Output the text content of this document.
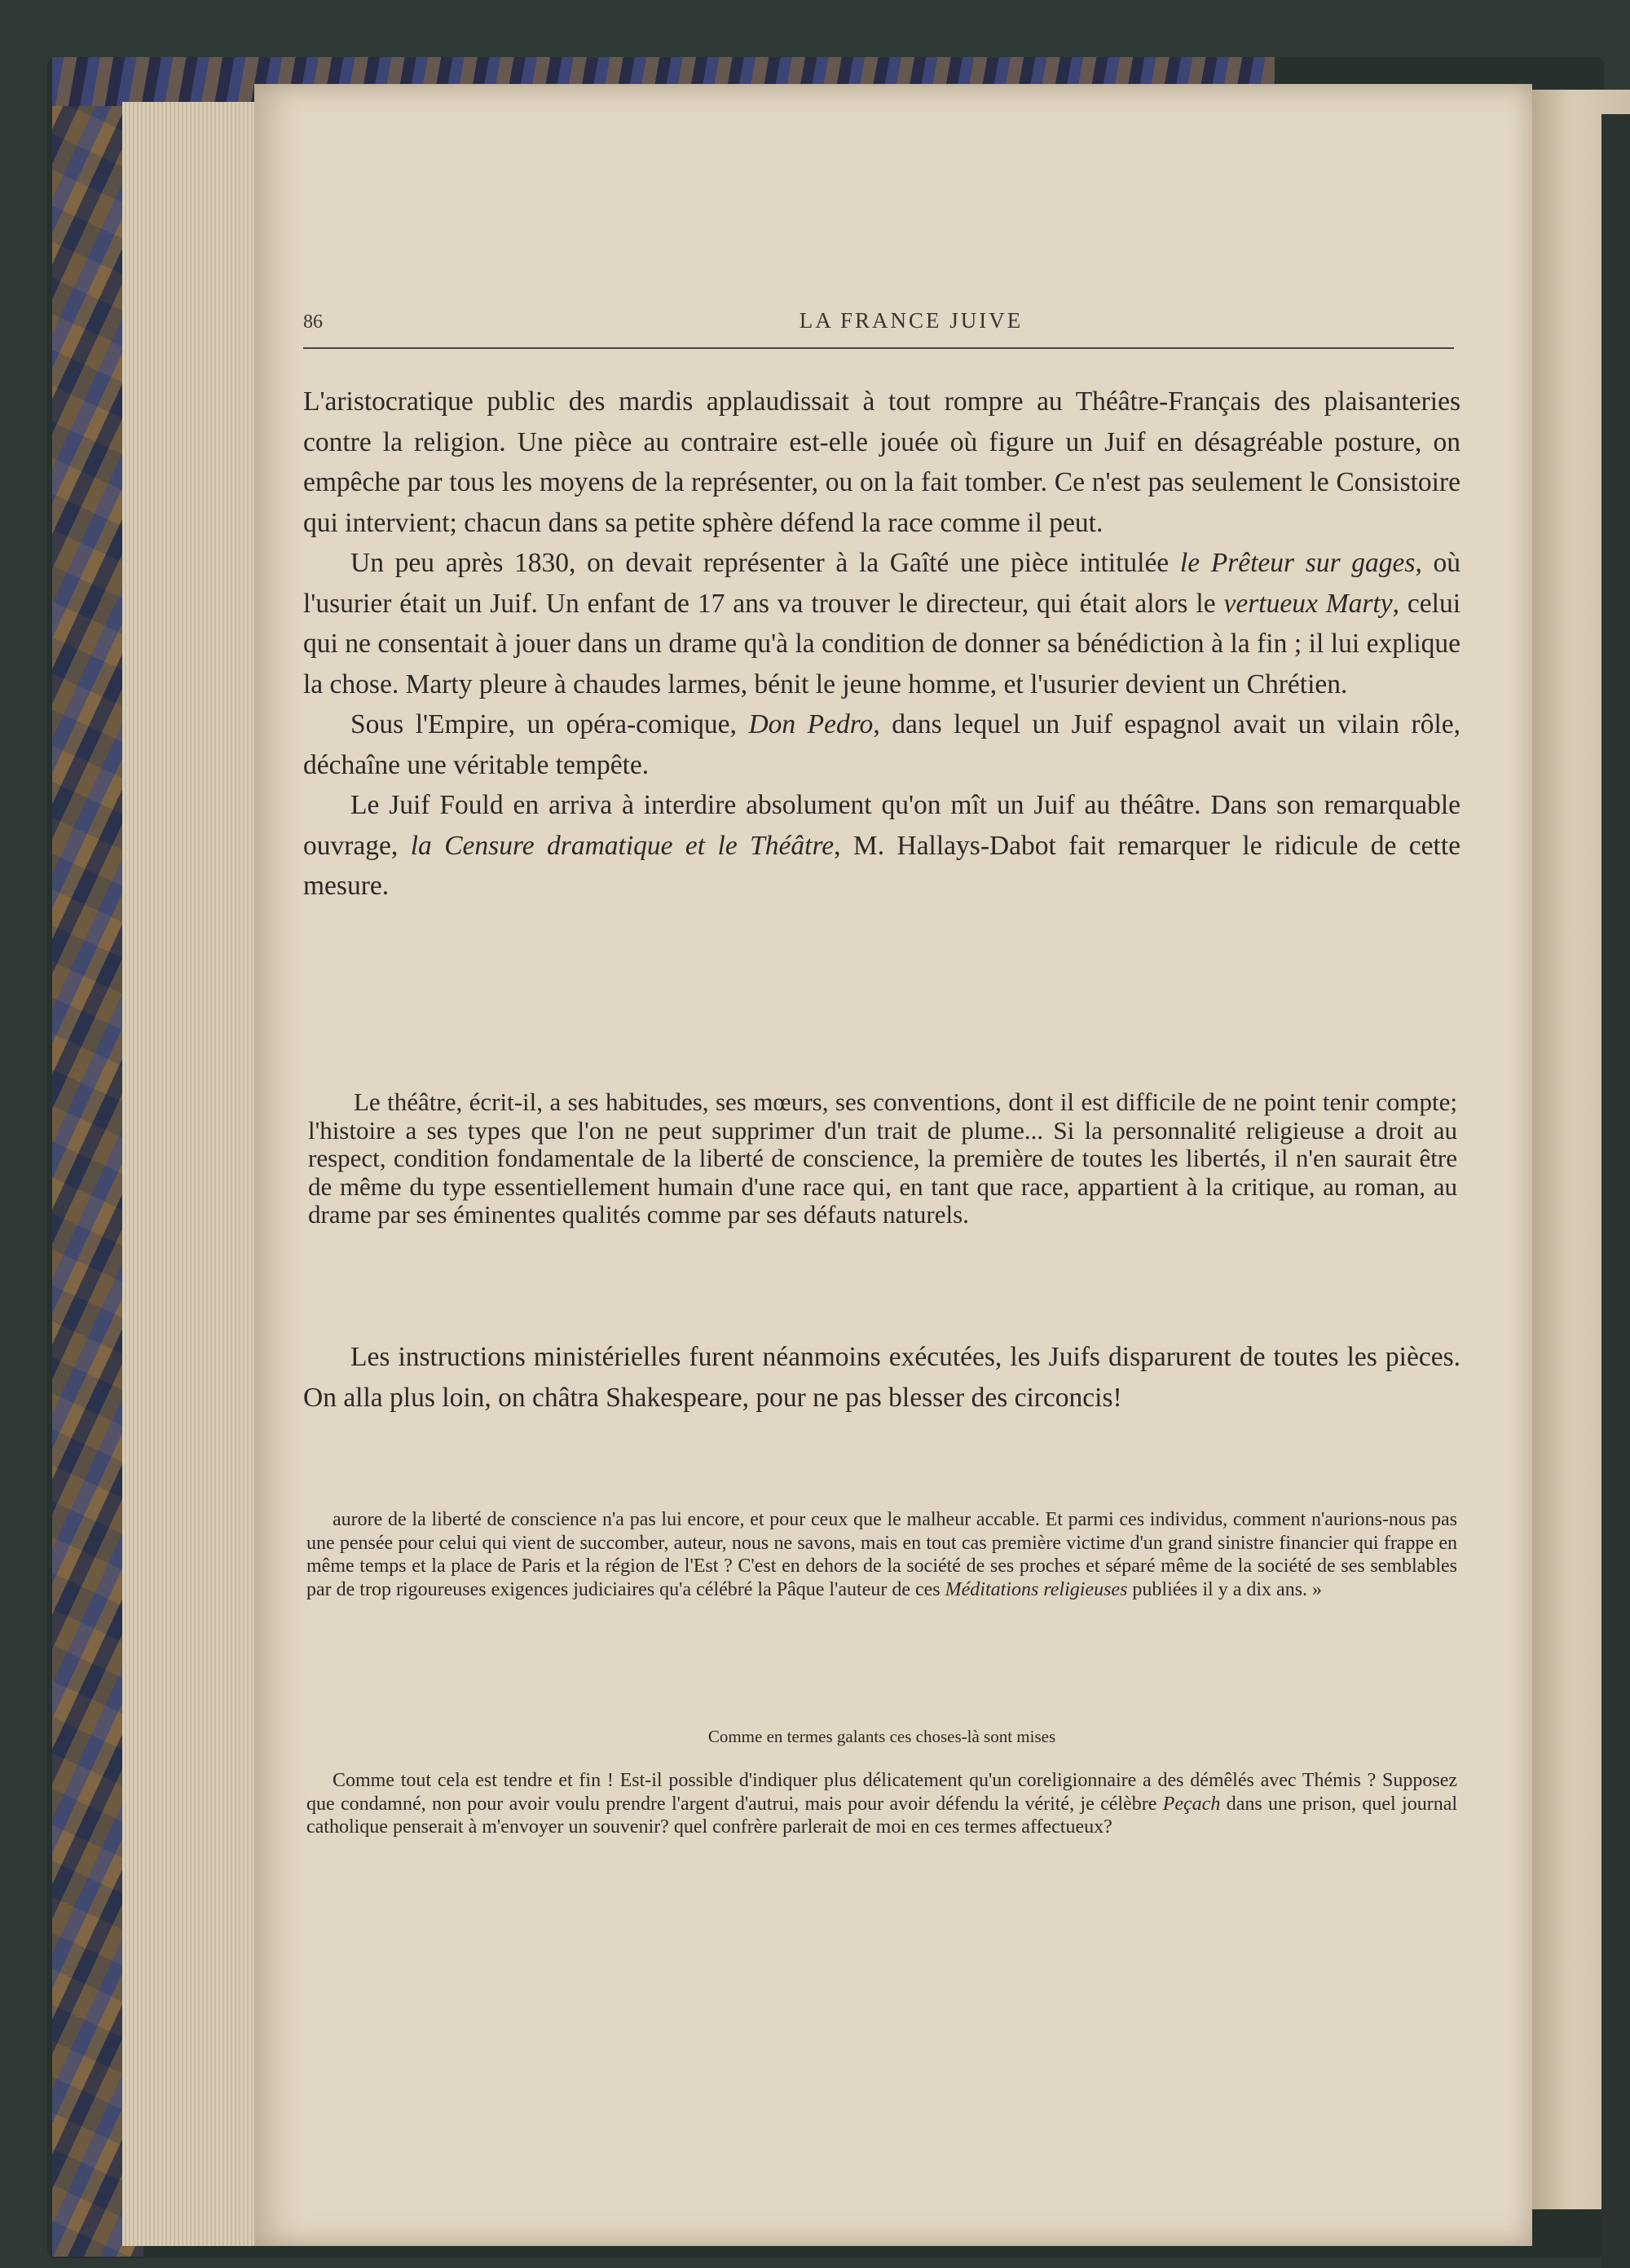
86	LA FRANCE JUIVE

L'aristocratique public des mardis applaudissait à tout rompre au Théâtre-Français des plaisanteries contre la religion. Une pièce au contraire est-elle jouée où figure un Juif en désagréable posture, on empêche par tous les moyens de la représenter, ou on la fait tomber. Ce n'est pas seulement le Consistoire qui intervient; chacun dans sa petite sphère défend la race comme il peut.

Un peu après 1830, on devait représenter à la Gaîté une pièce intitulée le Prêteur sur gages, où l'usurier était un Juif. Un enfant de 17 ans va trouver le directeur, qui était alors le vertueux Marty, celui qui ne consentait à jouer dans un drame qu'à la condition de donner sa bénédiction à la fin ; il lui explique la chose. Marty pleure à chaudes larmes, bénit le jeune homme, et l'usurier devient un Chrétien.

Sous l'Empire, un opéra-comique, Don Pedro, dans lequel un Juif espagnol avait un vilain rôle, déchaîne une véritable tempête.

Le Juif Fould en arriva à interdire absolument qu'on mît un Juif au théâtre. Dans son remarquable ouvrage, la Censure dramatique et le Théâtre, M. Hallays-Dabot fait remarquer le ridicule de cette mesure.

Le théâtre, écrit-il, a ses habitudes, ses mœurs, ses conventions, dont il est difficile de ne point tenir compte; l'histoire a ses types que l'on ne peut supprimer d'un trait de plume... Si la personnalité religieuse a droit au respect, condition fondamentale de la liberté de conscience, la première de toutes les libertés, il n'en saurait être de même du type essentiellement humain d'une race qui, en tant que race, appartient à la critique, au roman, au drame par ses éminentes qualités comme par ses défauts naturels.

Les instructions ministérielles furent néanmoins exécutées, les Juifs disparurent de toutes les pièces. On alla plus loin, on châtra Shakespeare, pour ne pas blesser des circoncis!

aurore de la liberté de conscience n'a pas lui encore, et pour ceux que le malheur accable. Et parmi ces individus, comment n'aurions-nous pas une pensée pour celui qui vient de succomber, auteur, nous ne savons, mais en tout cas première victime d'un grand sinistre financier qui frappe en même temps et la place de Paris et la région de l'Est ? C'est en dehors de la société de ses proches et séparé même de la société de ses semblables par de trop rigoureuses exigences judiciaires qu'a célébré la Pâque l'auteur de ces Méditations religieuses publiées il y a dix ans. »

Comme en termes galants ces choses-là sont mises

Comme tout cela est tendre et fin ! Est-il possible d'indiquer plus délicatement qu'un coreligionnaire a des démêlés avec Thémis ? Supposez que condamné, non pour avoir voulu prendre l'argent d'autrui, mais pour avoir défendu la vérité, je célèbre Peçach dans une prison, quel journal catholique penserait à m'envoyer un souvenir? quel confrère parlerait de moi en ces termes affectueux?
